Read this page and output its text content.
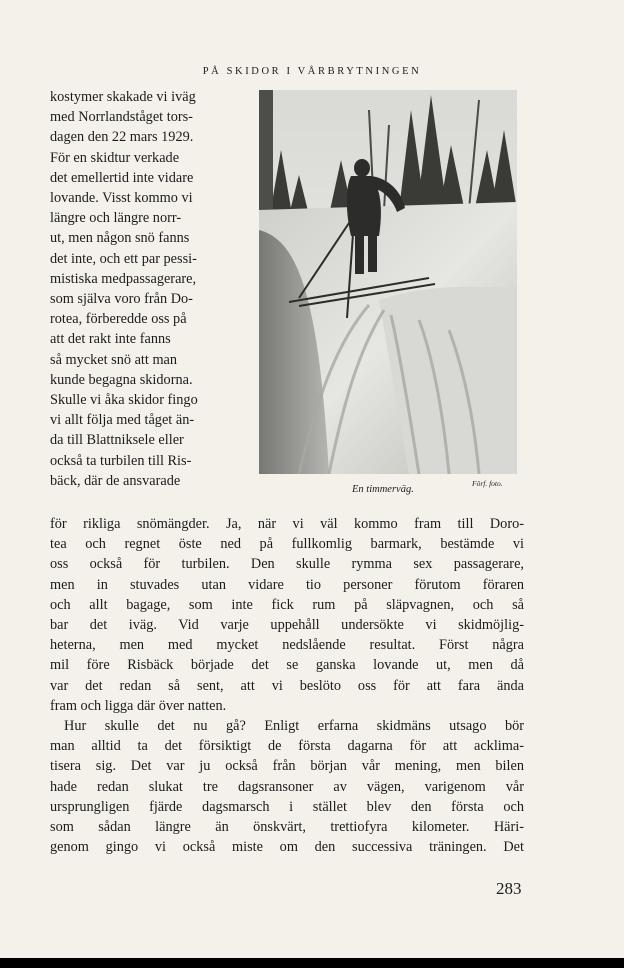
PÅ SKIDOR I VÅRBRYTNINGEN
kostymer skakade vi iväg
med Norrlandståget tors-
dagen den 22 mars 1929.
För en skidtur verkade
det emellertid inte vidare
lovande. Visst kommo vi
längre och längre norr-
ut, men någon snö fanns
det inte, och ett par pessi-
mistiska medpassagerare,
som själva voro från Do-
rotea, förberedde oss på
att det rakt inte fanns
så mycket snö att man
kunde begagna skidorna.
Skulle vi åka skidor fingo
vi allt följa med tåget än-
da till Blattniksele eller
också ta turbilen till Ris-
bäck, där de ansvarade	Förf. foto.
En timmerväg.
för rikliga snömängder. Ja, när vi väl kommo fram till Doro-
tea och regnet öste ned på fullkomlig barmark, bestämde vi
oss också för turbilen. Den skulle rymma sex passagerare,
men in stuvades utan vidare tio personer förutom föraren
och allt bagage, som inte fick rum på släpvagnen, och så
bar det iväg. Vid varje uppehåll undersökte vi skidmöjlig-
heterna, men med mycket nedslående resultat. Först några
mil före Risbäck började det se ganska lovande ut, men då
var det redan så sent, att vi beslöto oss för att fara ända
fram och ligga där över natten.
Hur skulle det nu gå? Enligt erfarna skidmäns utsago bör
man alltid ta det försiktigt de första dagarna för att acklima-
tisera sig. Det var ju också från början vår mening, men bilen
hade redan slukat tre dagsransoner av vägen, varigenom vår
ursprungligen fjärde dagsmarsch i stället blev den första och
som sådan längre än önskvärt, trettiofyra kilometer. Häri-
genom gingo vi också miste om den successiva träningen. Det
283
